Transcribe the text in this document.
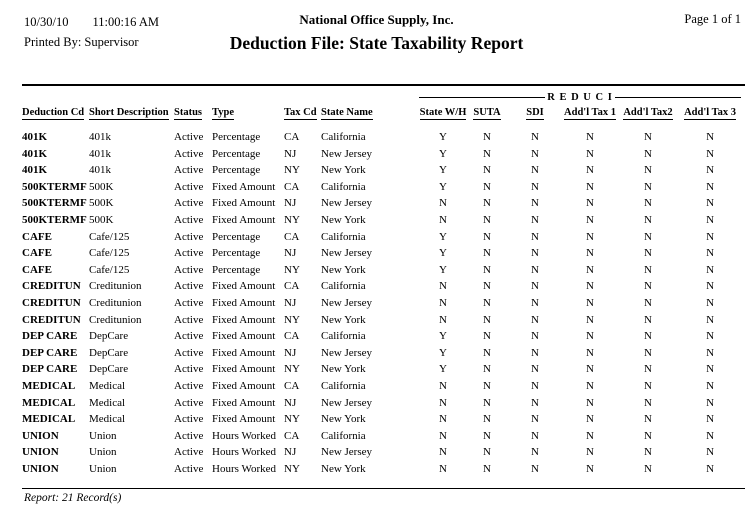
10/30/10 11:00:16 AM
Printed By: Supervisor
National Office Supply, Inc.
Deduction File: State Taxability Report
Page 1 of 1

						R E D U C I					

Deduction Cd	Short Description	Status	Type	Tax Cd	State Name	State W/H	SUTA	SDI	Add'l Tax 1	Add'l Tax2	Add'l Tax 3
401K	401k	Active	Percentage	CA	California	Y	N	N	N	N	N
401K	401k	Active	Percentage	NJ	New Jersey	Y	N	N	N	N	N
401K	401k	Active	Percentage	NY	New York	Y	N	N	N	N	N
500KTERMF	500K	Active	Fixed Amount	CA	California	Y	N	N	N	N	N
500KTERMF	500K	Active	Fixed Amount	NJ	New Jersey	N	N	N	N	N	N
500KTERMF	500K	Active	Fixed Amount	NY	New York	N	N	N	N	N	N
CAFE	Cafe/125	Active	Percentage	CA	California	Y	N	N	N	N	N
CAFE	Cafe/125	Active	Percentage	NJ	New Jersey	Y	N	N	N	N	N
CAFE	Cafe/125	Active	Percentage	NY	New York	Y	N	N	N	N	N
CREDITUN	Creditunion	Active	Fixed Amount	CA	California	N	N	N	N	N	N
CREDITUN	Creditunion	Active	Fixed Amount	NJ	New Jersey	N	N	N	N	N	N
CREDITUN	Creditunion	Active	Fixed Amount	NY	New York	N	N	N	N	N	N
DEP CARE	DepCare	Active	Fixed Amount	CA	California	Y	N	N	N	N	N
DEP CARE	DepCare	Active	Fixed Amount	NJ	New Jersey	Y	N	N	N	N	N
DEP CARE	DepCare	Active	Fixed Amount	NY	New York	Y	N	N	N	N	N
MEDICAL	Medical	Active	Fixed Amount	CA	California	N	N	N	N	N	N
MEDICAL	Medical	Active	Fixed Amount	NJ	New Jersey	N	N	N	N	N	N
MEDICAL	Medical	Active	Fixed Amount	NY	New York	N	N	N	N	N	N
UNION	Union	Active	Hours Worked	CA	California	N	N	N	N	N	N
UNION	Union	Active	Hours Worked	NJ	New Jersey	N	N	N	N	N	N
UNION	Union	Active	Hours Worked	NY	New York	N	N	N	N	N	N
Report: 21 Record(s)
